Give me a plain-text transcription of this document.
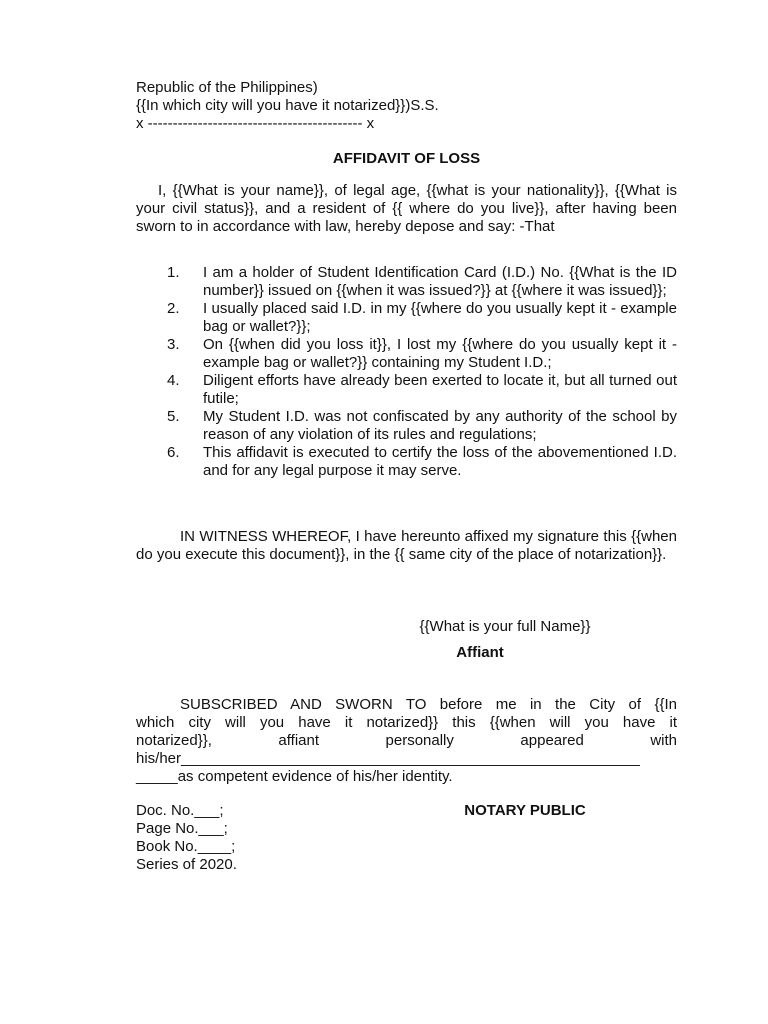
Republic of the Philippines)
{{In which city will you have it notarized}})S.S.
x ------------------------------------------- x
AFFIDAVIT OF LOSS
I, {{What is your name}}, of legal age, {{what is your nationality}}, {{What is your civil status}}, and a resident of {{ where do you live}}, after having been sworn to in accordance with law, hereby depose and say: -That
1. I am a holder of Student Identification Card (I.D.) No. {{What is the ID number}} issued on {{when it was issued?}} at {{where it was issued}};
2. I usually placed said I.D. in my {{where do you usually kept it - example bag or wallet?}};
3. On {{when did you loss it}}, I lost my {{where do you usually kept it - example bag or wallet?}} containing my Student I.D.;
4. Diligent efforts have already been exerted to locate it, but all turned out futile;
5. My Student I.D. was not confiscated by any authority of the school by reason of any violation of its rules and regulations;
6. This affidavit is executed to certify the loss of the abovementioned I.D. and for any legal purpose it may serve.
IN WITNESS WHEREOF, I have hereunto affixed my signature this {{when do you execute this document}}, in the {{ same city of the place of notarization}}.
{{What is your full Name}}
Affiant
SUBSCRIBED AND SWORN TO before me in the City of {{In
which city will you have it notarized}} this {{when will you have it
notarized}}, affiant personally appeared with
his/her_______________________________________________________
_____as competent evidence of his/her identity.
Doc. No.___;
Page No.___;
Book No.____;
Series of 2020.
NOTARY PUBLIC
